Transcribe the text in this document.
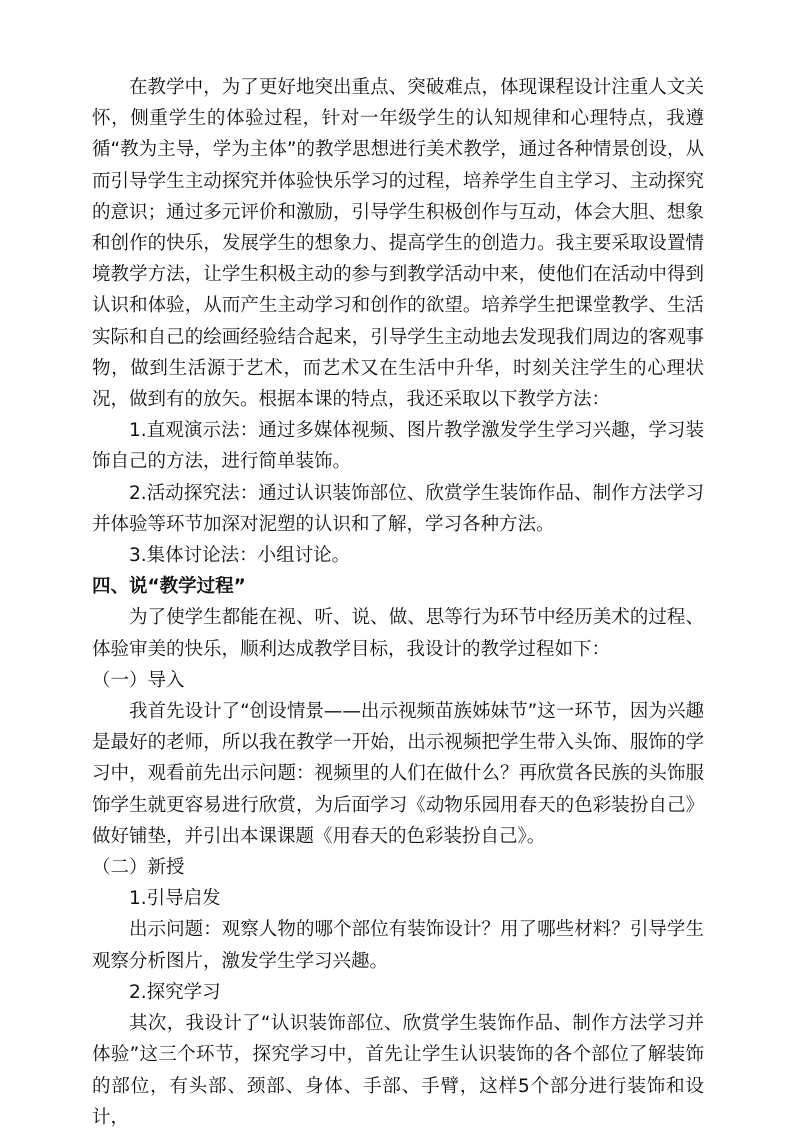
在教学中，为了更好地突出重点、突破难点，体现课程设计注重人文关怀，侧重学生的体验过程，针对一年级学生的认知规律和心理特点，我遵循“教为主导，学为主体”的教学思想进行美术教学，通过各种情景创设，从而引导学生主动探究并体验快乐学习的过程，培养学生自主学习、主动探究的意识；通过多元评价和激励，引导学生积极创作与互动，体会大胆、想象和创作的快乐，发展学生的想象力、提高学生的创造力。我主要采取设置情境教学方法，让学生积极主动的参与到教学活动中来，使他们在活动中得到认识和体验，从而产生主动学习和创作的欲望。培养学生把课堂教学、生活实际和自己的绘画经验结合起来，引导学生主动地去发现我们周边的客观事物，做到生活源于艺术，而艺术又在生活中升华，时刻关注学生的心理状况，做到有的放矢。根据本课的特点，我还采取以下教学方法：

1.直观演示法：通过多媒体视频、图片教学激发学生学习兴趣，学习装饰自己的方法，进行简单装饰。

2.活动探究法：通过认识装饰部位、欣赏学生装饰作品、制作方法学习并体验等环节加深对泥塑的认识和了解，学习各种方法。

3.集体讨论法：小组讨论。

四、说“教学过程”

为了使学生都能在视、听、说、做、思等行为环节中经历美术的过程、体验审美的快乐，顺利达成教学目标，我设计的教学过程如下：

（一）导入

我首先设计了“创设情景——出示视频苗族姊妹节”这一环节，因为兴趣是最好的老师，所以我在教学一开始，出示视频把学生带入头饰、服饰的学习中，观看前先出示问题：视频里的人们在做什么？再欣赏各民族的头饰服饰学生就更容易进行欣赏，为后面学习《动物乐园用春天的色彩装扮自己》做好铺垫，并引出本课课题《用春天的色彩装扮自己》。

（二）新授

1.引导启发

出示问题：观察人物的哪个部位有装饰设计？用了哪些材料？引导学生观察分析图片，激发学生学习兴趣。

2.探究学习

其次，我设计了“认识装饰部位、欣赏学生装饰作品、制作方法学习并体验”这三个环节，探究学习中，首先让学生认识装饰的各个部位了解装饰的部位，有头部、颈部、身体、手部、手臂，这样5个部分进行装饰和设计，
